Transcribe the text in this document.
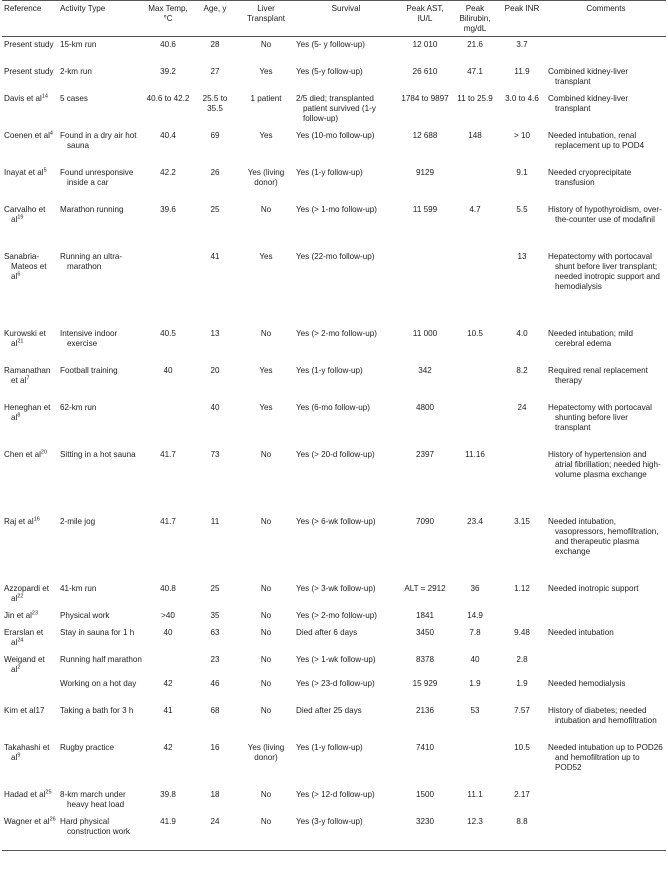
Reference	Activity Type	Max Temp, °C	Age, y	Liver Transplant	Survival	Peak AST, IU/L	Peak Bilirubin, mg/dL	Peak INR	Comments

Present study	15-km run	40.6	28	No	Yes (5- y follow-up)	12 010	21.6	3.7	

Present study	2-km run	39.2	27	Yes	Yes (5-y follow-up)	26 610	47.1	11.9	Combined kidney-liver transplant

Davis et $al^{14}$	5 cases	40.6 to 42.2	25.5 to 35.5	1 patient	2/5 died; transplanted patient survived (1-y follow-up)	1784 to 9897	11 to 25.9	3.0 to 4.6	Combined kidney-liver transplant

Coenen et $al^4$	Found in a dry air hot sauna	40.4	69	Yes	Yes (10-mo follow-up)	12 688	148	> 10	Needed intubation, renal replacement up to POD4

Inayat et $al^5$	Found unresponsive inside a car	42.2	26	Yes (living donor)	Yes (1-y follow-up)	9129		9.1	Needed cryoprecipitate transfusion

Carvalho et $al^{19}$	Marathon running	39.6	25	No	Yes (> 1-mo follow-up)	11 599	4.7	5.5	History of hypothyroidism, over-the-counter use of modafinil

Sanabria-Mateos et $al^6$	Running an ultra-marathon		41	Yes	Yes (22-mo follow-up)			13	Hepatectomy with portocaval shunt before liver transplant; needed inotropic support and hemodialysis

Kurowski et $al^{21}$	Intensive indoor exercise	40.5	13	No	Yes (> 2-mo follow-up)	11 000	10.5	4.0	Needed intubation; mild cerebral edema

Ramanathan et $al^7$	Football training	40	20	Yes	Yes (1-y follow-up)	342		8.2	Required renal replacement therapy

Heneghan et $al^8$	62-km run		40	Yes	Yes (6-mo follow-up)	4800		24	Hepatectomy with portocaval shunting before liver transplant

Chen et $al^{20}$	Sitting in a hot sauna	41.7	73	No	Yes (> 20-d follow-up)	2397	11.16		History of hypertension and atrial fibrillation; needed high-volume plasma exchange

Raj et $al^{16}$	2-mile jog	41.7	11	No	Yes (> 6-wk follow-up)	7090	23.4	3.15	Needed intubation, vasopressors, hemofiltration, and therapeutic plasma exchange

Azzopardi et $al^{22}$	41-km run	40.8	25	No	Yes (> 3-wk follow-up)	ALT = 2912	36	1.12	Needed inotropic support

Jin et $al^{23}$	Physical work	>40	35	No	Yes (> 2-mo follow-up)	1841	14.9		

Erarslan et $al^{24}$	Stay in sauna for 1 h	40	63	No	Died after 6 days	3450	7.8	9.48	Needed intubation

Weigand et $al^2$	Running half marathon		23	No	Yes (> 1-wk follow-up)	8378	40	2.8	

	Working on a hot day	42	46	No	Yes (> 23-d follow-up)	15 929	1.9	1.9	Needed hemodialysis

Kim et al17	Taking a bath for 3 h	41	68	No	Died after 25 days	2136	53	7.57	History of diabetes; needed intubation and hemofiltration

Takahashi et $al^9$	Rugby practice	42	16	Yes (living donor)	Yes (1-y follow-up)	7410		10.5	Needed intubation up to POD26 and hemofiltration up to POD52

Hadad et $al^{25}$	8-km march under heavy heat load	39.8	18	No	Yes (> 12-d follow-up)	1500	11.1	2.17	

Wagner et $al^{26}$	Hard physical construction work	41.9	24	No	Yes (3-y follow-up)	3230	12.3	8.8	
